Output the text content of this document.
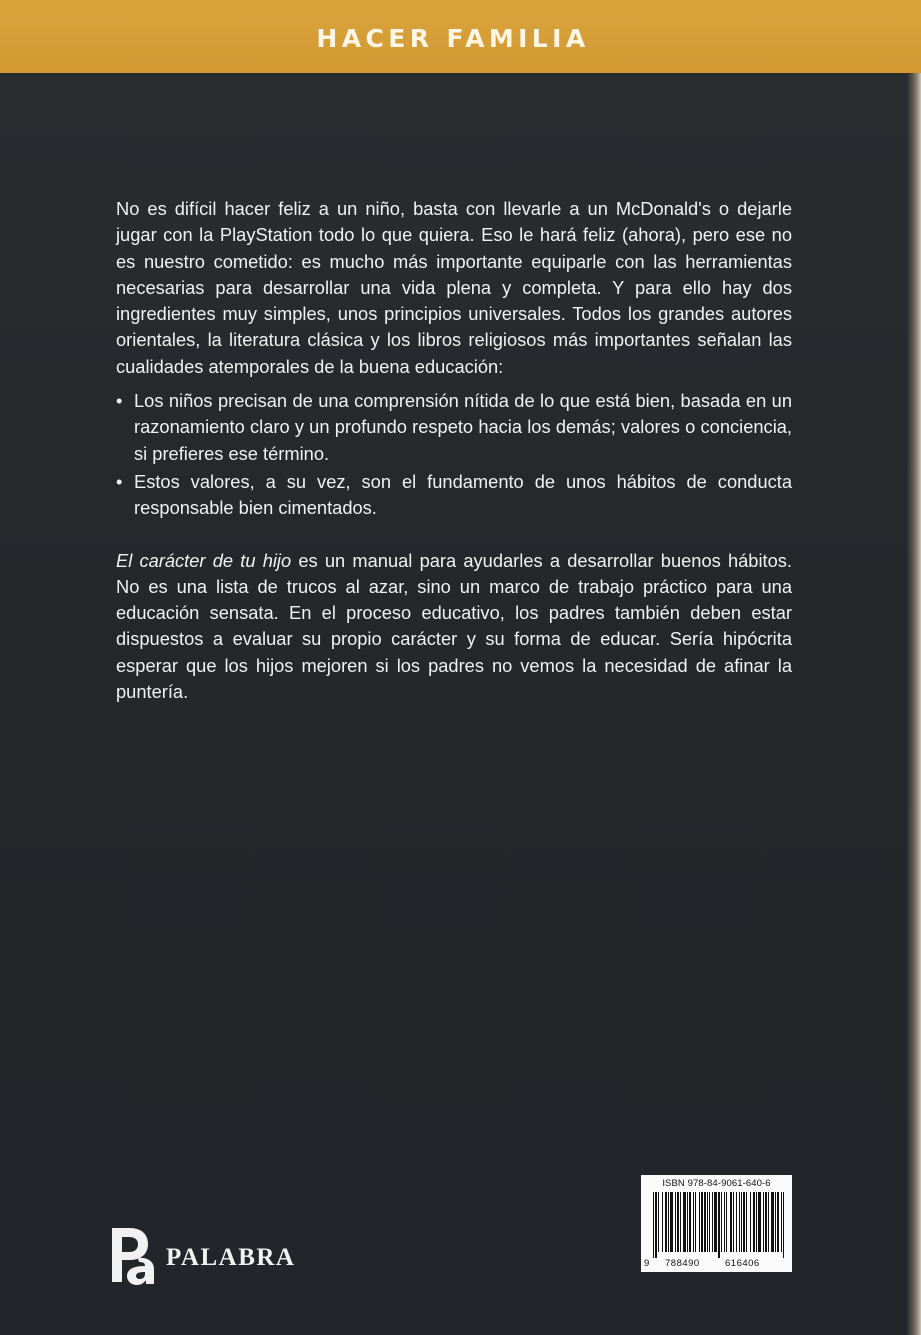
HACER FAMILIA

No es difícil hacer feliz a un niño, basta con llevarle a un McDonald's o dejarle jugar con la PlayStation todo lo que quiera. Eso le hará feliz (ahora), pero ese no es nuestro cometido: es mucho más importante equiparle con las herramientas necesarias para desarrollar una vida plena y completa. Y para ello hay dos ingredientes muy simples, unos principios universales. Todos los grandes autores orientales, la literatura clásica y los libros religiosos más importantes señalan las cualidades atemporales de la buena educación:

• Los niños precisan de una comprensión nítida de lo que está bien, basada en un razonamiento claro y un profundo respeto hacia los demás; valores o conciencia, si prefieres ese término.
• Estos valores, a su vez, son el fundamento de unos hábitos de conducta responsable bien cimentados.

El carácter de tu hijo es un manual para ayudarles a desarrollar buenos hábitos. No es una lista de trucos al azar, sino un marco de trabajo práctico para una educación sensata. En el proceso educativo, los padres también deben estar dispuestos a evaluar su propio carácter y su forma de educar. Sería hipócrita esperar que los hijos mejoren si los padres no vemos la necesidad de afinar la puntería.

PALABRA
ISBN 978-84-9061-640-6
9 788490	616406
